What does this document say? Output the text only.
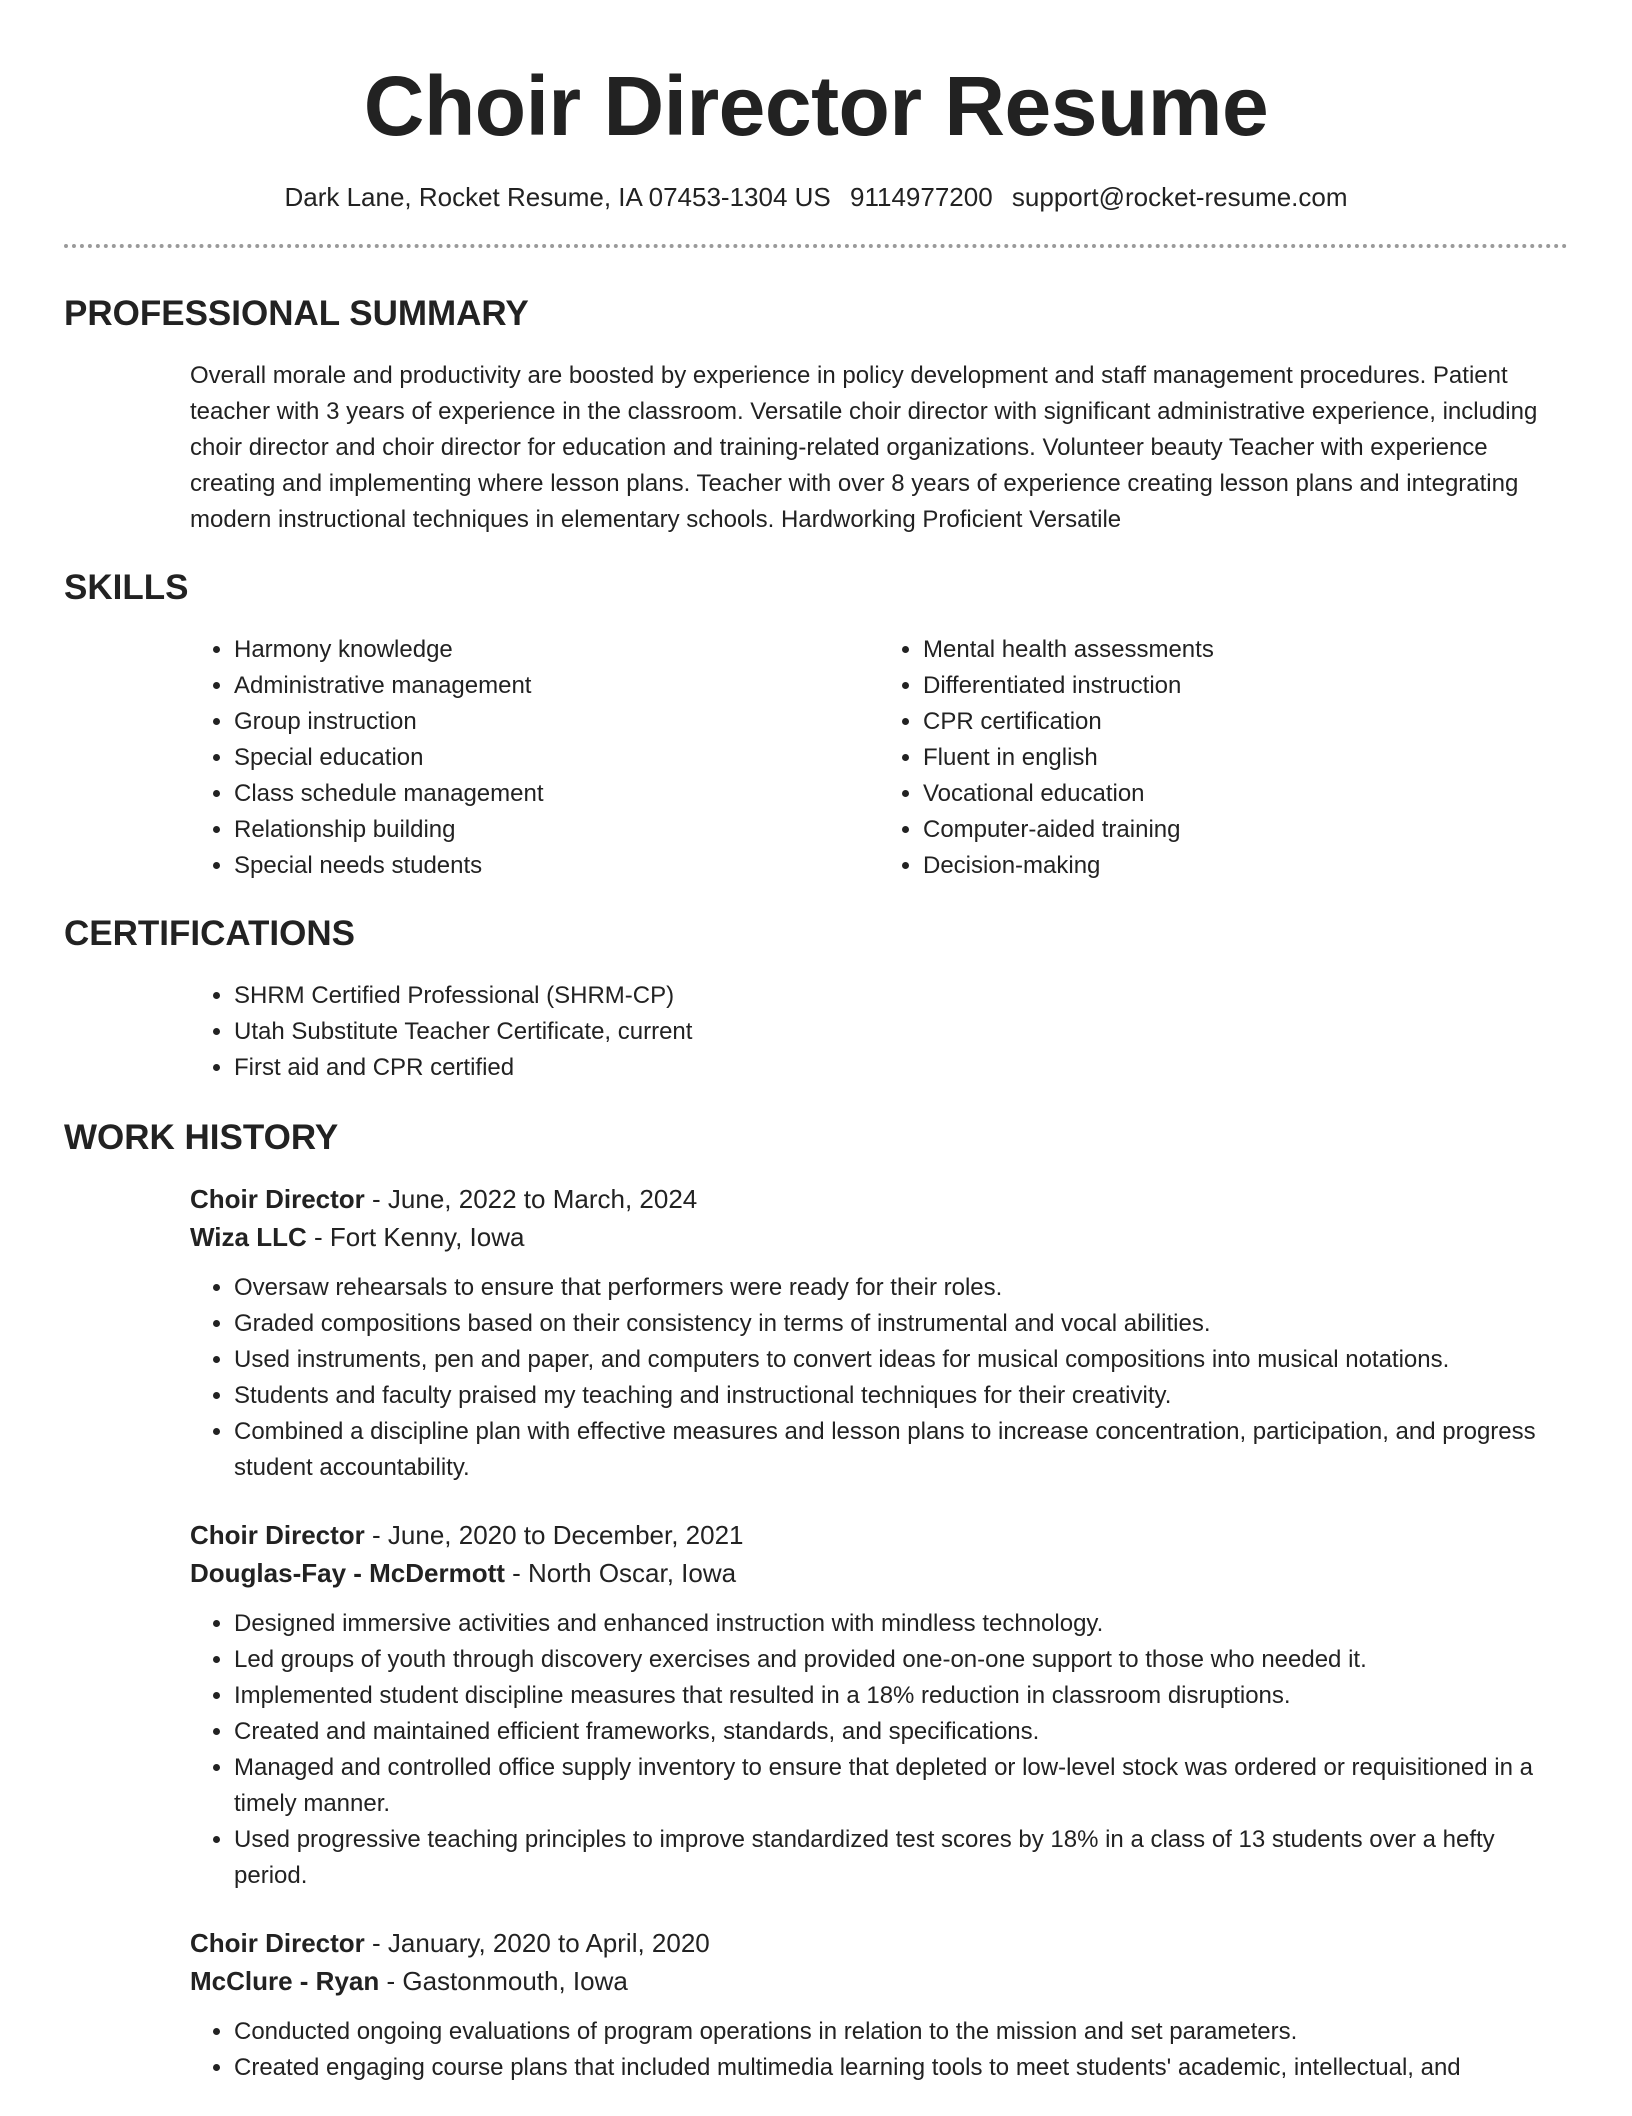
Choir Director Resume
Dark Lane, Rocket Resume, IA 07453-1304 US 9114977200 support@rocket-resume.com
PROFESSIONAL SUMMARY

Overall morale and productivity are boosted by experience in policy development and staff management procedures. Patient teacher with 3 years of experience in the classroom. Versatile choir director with significant administrative experience, including choir director and choir director for education and training-related organizations. Volunteer beauty Teacher with experience creating and implementing where lesson plans. Teacher with over 8 years of experience creating lesson plans and integrating modern instructional techniques in elementary schools. Hardworking Proficient Versatile

SKILLS
• Harmony knowledge
• Administrative management
• Group instruction
• Special education
• Class schedule management
• Relationship building
• Special needs students
• Mental health assessments
• Differentiated instruction
• CPR certification
• Fluent in english
• Vocational education
• Computer-aided training
• Decision-making
CERTIFICATIONS
• SHRM Certified Professional (SHRM-CP)
• Utah Substitute Teacher Certificate, current
• First aid and CPR certified
WORK HISTORY
Choir Director - June, 2022 to March, 2024
Wiza LLC - Fort Kenny, Iowa
• Oversaw rehearsals to ensure that performers were ready for their roles.
• Graded compositions based on their consistency in terms of instrumental and vocal abilities.
• Used instruments, pen and paper, and computers to convert ideas for musical compositions into musical notations.
• Students and faculty praised my teaching and instructional techniques for their creativity.
• Combined a discipline plan with effective measures and lesson plans to increase concentration, participation, and progress student accountability.
Choir Director - June, 2020 to December, 2021
Douglas-Fay - McDermott - North Oscar, Iowa
• Designed immersive activities and enhanced instruction with mindless technology.
• Led groups of youth through discovery exercises and provided one-on-one support to those who needed it.
• Implemented student discipline measures that resulted in a 18% reduction in classroom disruptions.
• Created and maintained efficient frameworks, standards, and specifications.
• Managed and controlled office supply inventory to ensure that depleted or low-level stock was ordered or requisitioned in a timely manner.
• Used progressive teaching principles to improve standardized test scores by 18% in a class of 13 students over a hefty period.
Choir Director - January, 2020 to April, 2020
McClure - Ryan - Gastonmouth, Iowa
• Conducted ongoing evaluations of program operations in relation to the mission and set parameters.
• Created engaging course plans that included multimedia learning tools to meet students' academic, intellectual, and
